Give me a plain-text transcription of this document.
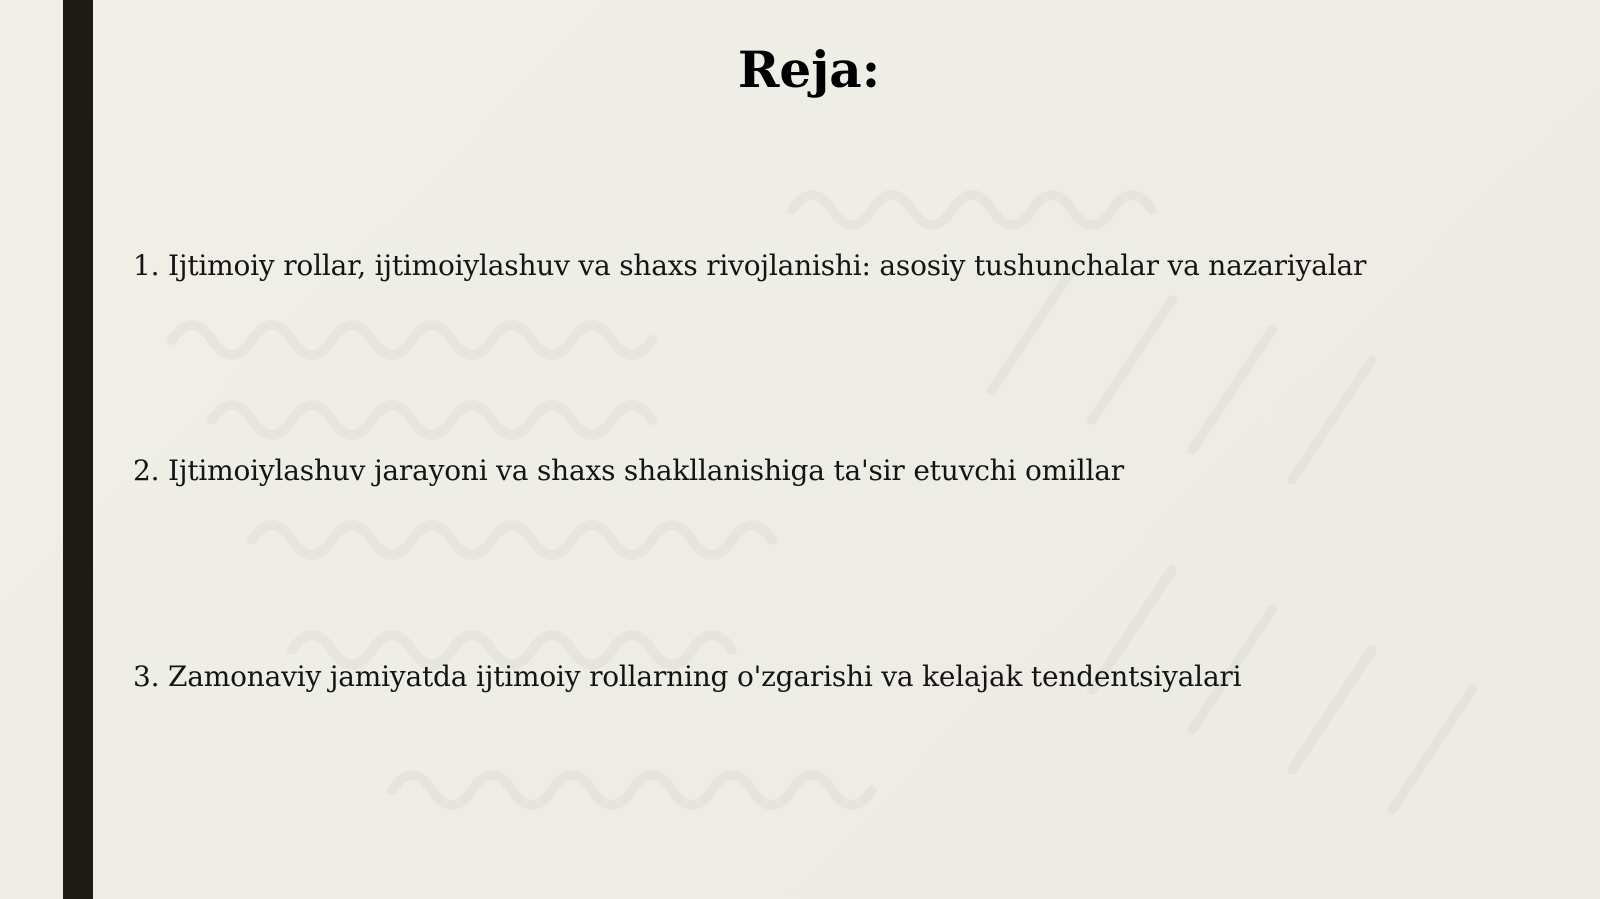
Reja:
1. Ijtimoiy rollar, ijtimoiylashuv va shaxs rivojlanishi: asosiy tushunchalar va nazariyalar
2. Ijtimoiylashuv jarayoni va shaxs shakllanishiga ta'sir etuvchi omillar
3. Zamonaviy jamiyatda ijtimoiy rollarning o'zgarishi va kelajak tendentsiyalari
